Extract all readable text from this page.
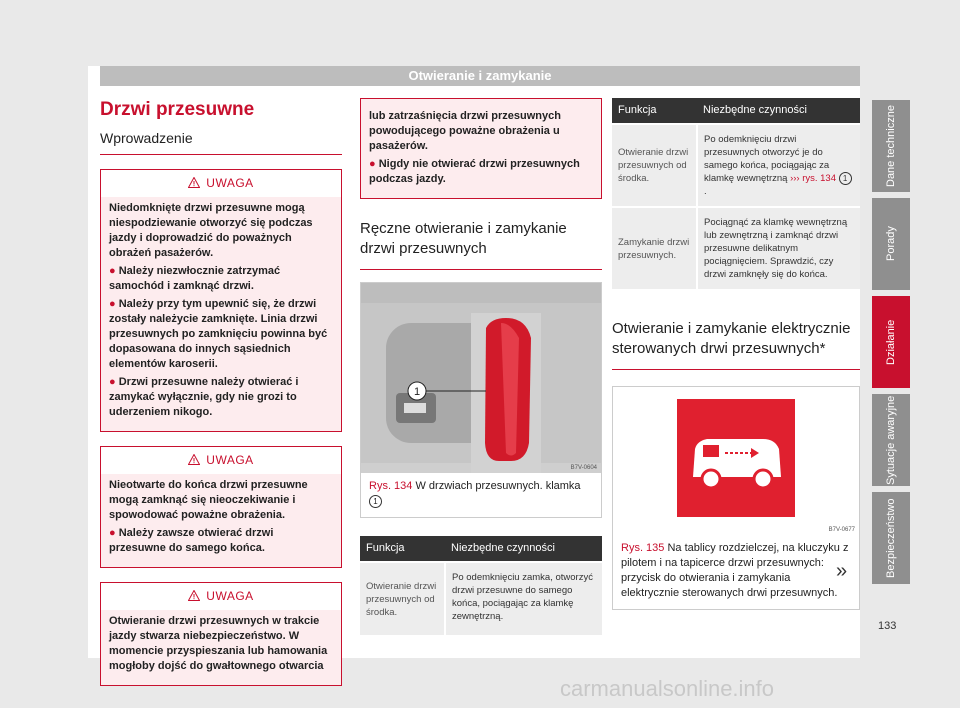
Otwieranie i zamykanie
Drzwi przesuwne
Wprowadzenie
UWAGA

Niedomknięte drzwi przesuwne mogą niespodziewanie otworzyć się podczas jazdy i doprowadzić do poważnych obrażeń pasażerów.

● Należy niezwłocznie zatrzymać samochód i zamknąć drzwi.

● Należy przy tym upewnić się, że drzwi zostały należycie zamknięte. Linia drzwi przesuwnych po zamknięciu powinna być dopasowana do innych sąsiednich elementów karoserii.

● Drzwi przesuwne należy otwierać i zamykać wyłącznie, gdy nie grozi to uderzeniem nikogo.

UWAGA

Nieotwarte do końca drzwi przesuwne mogą zamknąć się nieoczekiwanie i spowodować poważne obrażenia.

● Należy zawsze otwierać drzwi przesuwne do samego końca.

UWAGA

Otwieranie drzwi przesuwnych w trakcie jazdy stwarza niebezpieczeństwo. W momencie przyspieszania lub hamowania mogłoby dojść do gwałtownego otwarcia

lub zatrzaśnięcia drzwi przesuwnych powodującego poważne obrażenia u pasażerów.

● Nigdy nie otwierać drzwi przesuwnych podczas jazdy.

Ręczne otwieranie i zamykanie drzwi przesuwnych
1
B7V-0604
Rys. 134 W drzwiach przesuwnych. klamka 1
Funkcja	Niezbędne czynności
Otwieranie drzwi przesuwnych od środka.	Po odemknięciu zamka, otworzyć drzwi przesuwne do samego końca, pociągając za klamkę zewnętrzną.
Funkcja	Niezbędne czynności
Otwieranie drzwi przesuwnych od środka.	Po odemknięciu drzwi przesuwnych otworzyć je do samego końca, pociągając za klamkę wewnętrzną ››› rys. 134 1.
Zamykanie drzwi przesuwnych.	Pociągnąć za klamkę wewnętrzną lub zewnętrzną i zamknąć drzwi przesuwne delikatnym pociągnięciem. Sprawdzić, czy drzwi zamknęły się do końca.
Otwieranie i zamykanie elektrycznie sterowanych drwi przesuwnych*
B7V-0677
Rys. 135 Na tablicy rozdzielczej, na kluczyku z pilotem i na tapicerce drzwi przesuwnych: przycisk do otwierania i zamykania elektrycznie sterowanych drwi przesuwnych.
»
Dane techniczne
Porady
Działanie
Sytuacje awaryjne
Bezpieczeństwo
133
carmanualsonline.info
